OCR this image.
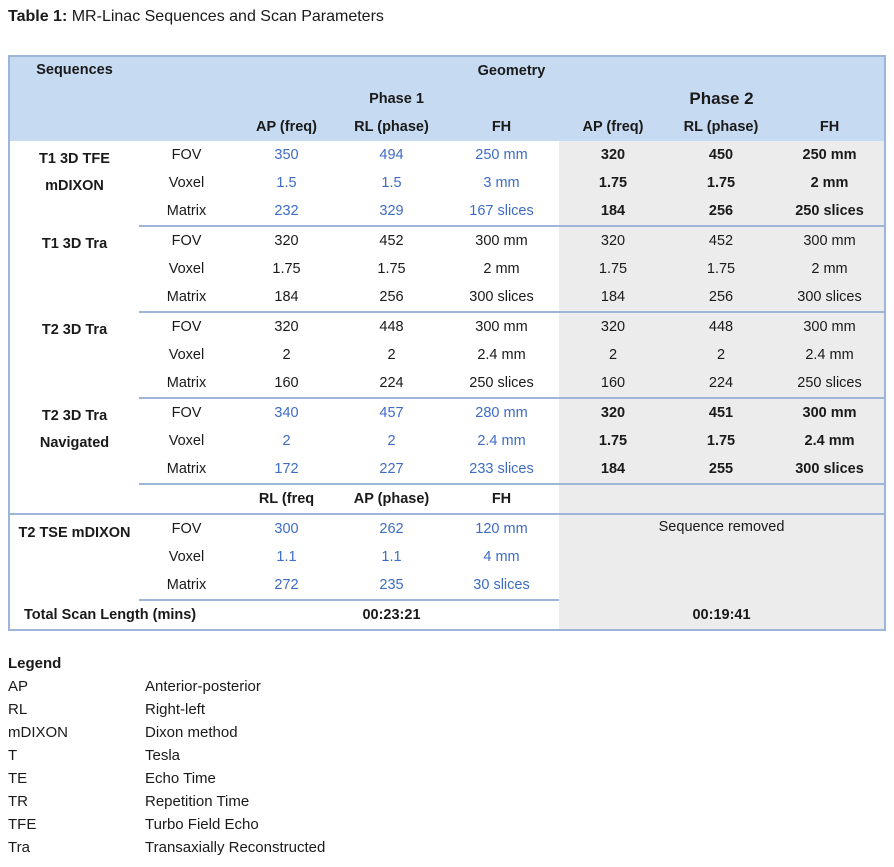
Table 1: MR-Linac Sequences and Scan Parameters
Sequences	Geometry						
		Phase 1			Phase 2		
		AP (freq)	RL (phase)	FH	AP (freq)	RL (phase)	FH
T1 3D TFE mDIXON	FOV	350	494	250 mm	320	450	250 mm
	Voxel	1.5	1.5	3 mm	1.75	1.75	2 mm
	Matrix	232	329	167 slices	184	256	250 slices
T1 3D Tra	FOV	320	452	300 mm	320	452	300 mm
	Voxel	1.75	1.75	2 mm	1.75	1.75	2 mm
	Matrix	184	256	300 slices	184	256	300 slices
T2 3D Tra	FOV	320	448	300 mm	320	448	300 mm
	Voxel	2	2	2.4 mm	2	2	2.4 mm
	Matrix	160	224	250 slices	160	224	250 slices
T2 3D Tra Navigated	FOV	340	457	280 mm	320	451	300 mm
	Voxel	2	2	2.4 mm	1.75	1.75	2.4 mm
	Matrix	172	227	233 slices	184	255	300 slices
		RL (freq	AP (phase)	FH			
T2 TSE mDIXON	FOV	300	262	120 mm	Sequence removed		
	Voxel	1.1	1.1	4 mm			
	Matrix	272	235	30 slices			
Total Scan Length (mins)			00:23:21		00:19:41		
Legend
AP	Anterior-posterior
RL	Right-left
mDIXON	Dixon method
T	Tesla
TE	Echo Time
TR	Repetition Time
TFE	Turbo Field Echo
Tra	Transaxially Reconstructed
